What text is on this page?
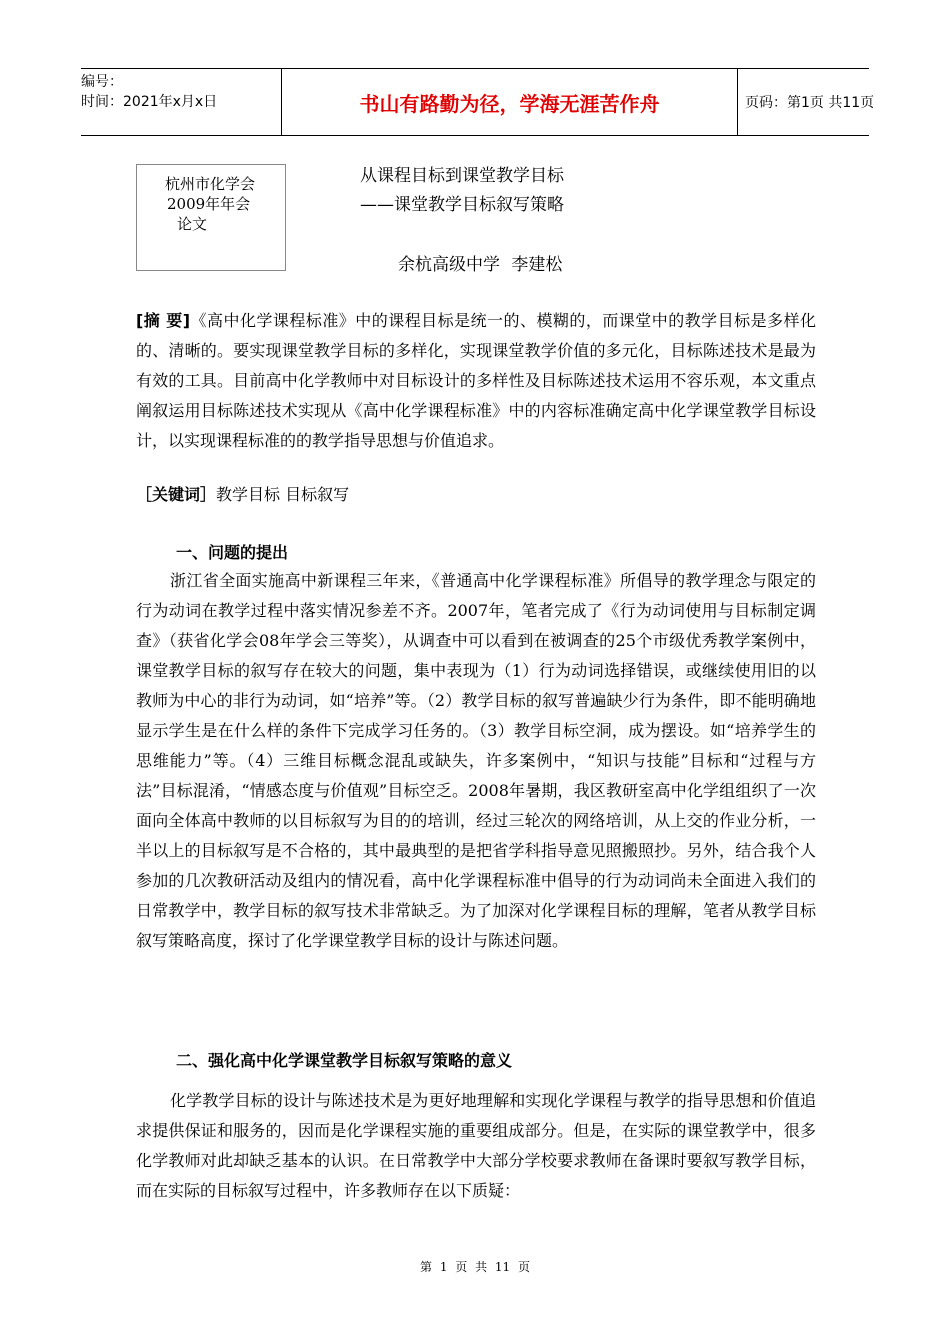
编号：
时间：2021年x月x日	书山有路勤为径，学海无涯苦作舟	页码：第1页 共11页
杭州市化学会
2009年年会
论文
从课程目标到课堂教学目标
——课堂教学目标叙写策略
余杭高级中学 李建松
[摘 要]《高中化学课程标准》中的课程目标是统一的、模糊的，而课堂中的教学目标是多样化的、清晰的。要实现课堂教学目标的多样化，实现课堂教学价值的多元化，目标陈述技术是最为有效的工具。目前高中化学教师中对目标设计的多样性及目标陈述技术运用不容乐观，本文重点阐叙运用目标陈述技术实现从《高中化学课程标准》中的内容标准确定高中化学课堂教学目标设计，以实现课程标准的的教学指导思想与价值追求。
［关键词］教学目标 目标叙写
一、问题的提出
浙江省全面实施高中新课程三年来，《普通高中化学课程标准》所倡导的教学理念与限定的行为动词在教学过程中落实情况参差不齐。2007年，笔者完成了《行为动词使用与目标制定调查》（获省化学会08年学会三等奖），从调查中可以看到在被调查的25个市级优秀教学案例中，课堂教学目标的叙写存在较大的问题，集中表现为（1）行为动词选择错误，或继续使用旧的以教师为中心的非行为动词，如“培养”等。（2）教学目标的叙写普遍缺少行为条件，即不能明确地显示学生是在什么样的条件下完成学习任务的。（3）教学目标空洞，成为摆设。如“培养学生的思维能力”等。（4）三维目标概念混乱或缺失，许多案例中，“知识与技能”目标和“过程与方法”目标混淆，“情感态度与价值观”目标空乏。2008年暑期，我区教研室高中化学组组织了一次面向全体高中教师的以目标叙写为目的的培训，经过三轮次的网络培训，从上交的作业分析，一半以上的目标叙写是不合格的，其中最典型的是把省学科指导意见照搬照抄。另外，结合我个人参加的几次教研活动及组内的情况看，高中化学课程标准中倡导的行为动词尚未全面进入我们的日常教学中，教学目标的叙写技术非常缺乏。为了加深对化学课程目标的理解，笔者从教学目标叙写策略高度，探讨了化学课堂教学目标的设计与陈述问题。
二、强化高中化学课堂教学目标叙写策略的意义
化学教学目标的设计与陈述技术是为更好地理解和实现化学课程与教学的指导思想和价值追求提供保证和服务的，因而是化学课程实施的重要组成部分。但是，在实际的课堂教学中，很多化学教师对此却缺乏基本的认识。在日常教学中大部分学校要求教师在备课时要叙写教学目标，而在实际的目标叙写过程中，许多教师存在以下质疑：
第 1 页 共 11 页
